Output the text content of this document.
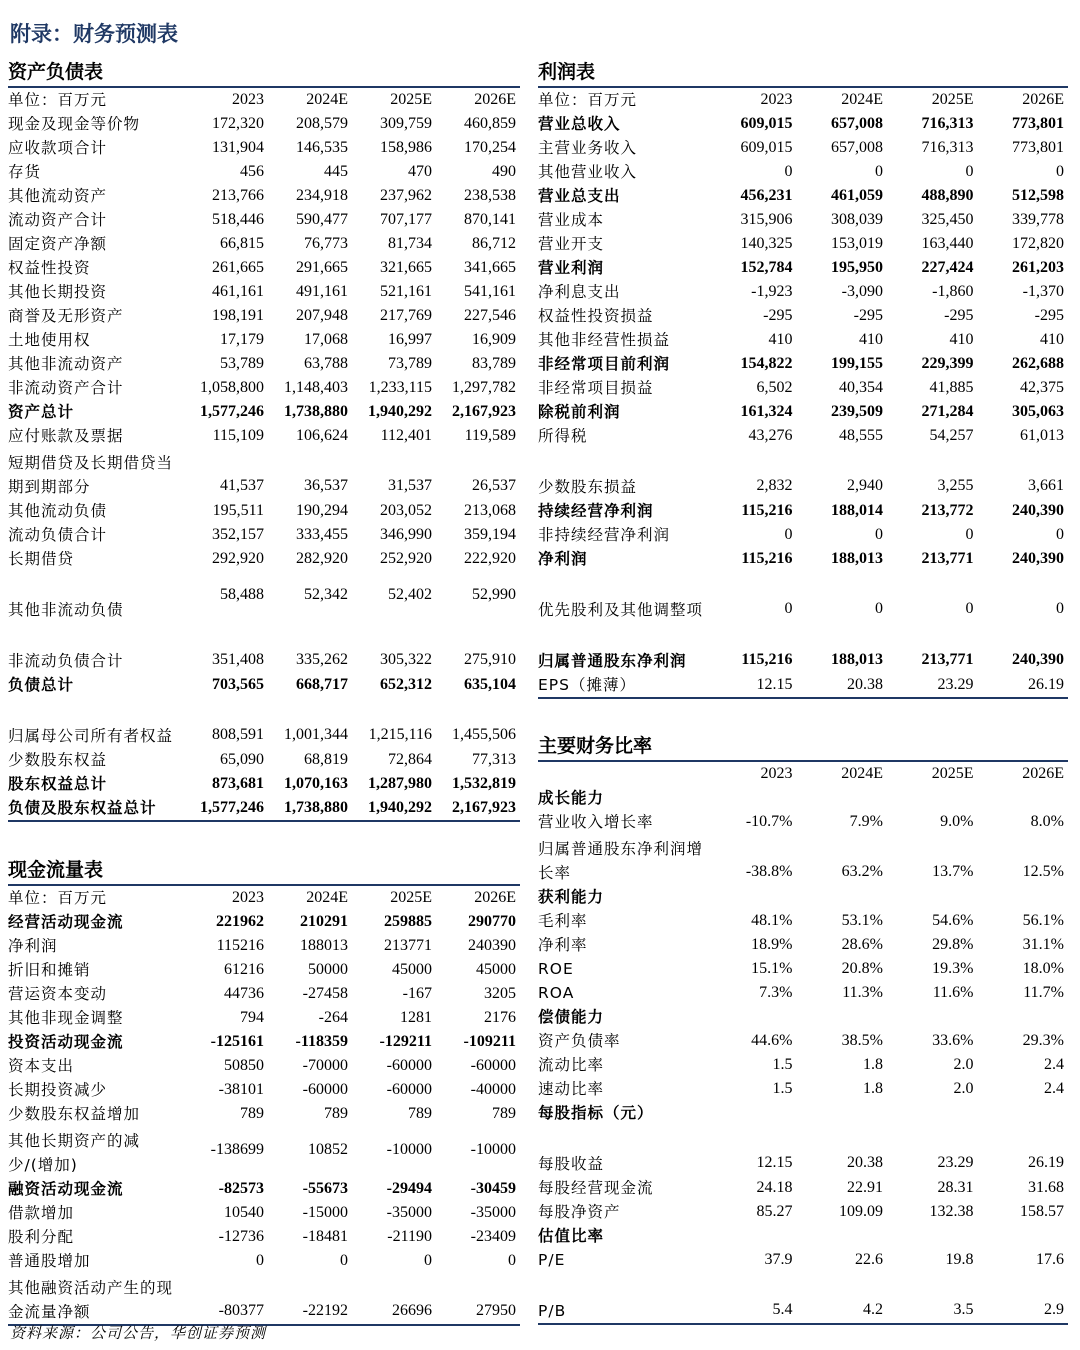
附录：财务预测表
资产负债表
单位：百万元	2023	2024E	2025E	2026E
现金及现金等价物	172,320	208,579	309,759	460,859
应收款项合计	131,904	146,535	158,986	170,254
存货	456	445	470	490
其他流动资产	213,766	234,918	237,962	238,538
流动资产合计	518,446	590,477	707,177	870,141
固定资产净额	66,815	76,773	81,734	86,712
权益性投资	261,665	291,665	321,665	341,665
其他长期投资	461,161	491,161	521,161	541,161
商誉及无形资产	198,191	207,948	217,769	227,546
土地使用权	17,179	17,068	16,997	16,909
其他非流动资产	53,789	63,788	73,789	83,789
非流动资产合计	1,058,800	1,148,403	1,233,115	1,297,782
资产总计	1,577,246	1,738,880	1,940,292	2,167,923
应付账款及票据	115,109	106,624	112,401	119,589
短期借贷及长期借贷当期到期部分	41,537	36,537	31,537	26,537
其他流动负债	195,511	190,294	203,052	213,068
流动负债合计	352,157	333,455	346,990	359,194
长期借贷	292,920	282,920	252,920	222,920
其他非流动负债	58,488	52,342	52,402	52,990
非流动负债合计	351,408	335,262	305,322	275,910
负债总计	703,565	668,717	652,312	635,104
归属母公司所有者权益	808,591	1,001,344	1,215,116	1,455,506
少数股东权益	65,090	68,819	72,864	77,313
股东权益总计	873,681	1,070,163	1,287,980	1,532,819
负债及股东权益总计	1,577,246	1,738,880	1,940,292	2,167,923
利润表
单位：百万元	2023	2024E	2025E	2026E
营业总收入	609,015	657,008	716,313	773,801
主营业务收入	609,015	657,008	716,313	773,801
其他营业收入	0	0	0	0
营业总支出	456,231	461,059	488,890	512,598
营业成本	315,906	308,039	325,450	339,778
营业开支	140,325	153,019	163,440	172,820
营业利润	152,784	195,950	227,424	261,203
净利息支出	-1,923	-3,090	-1,860	-1,370
权益性投资损益	-295	-295	-295	-295
其他非经营性损益	410	410	410	410
非经常项目前利润	154,822	199,155	229,399	262,688
非经常项目损益	6,502	40,354	41,885	42,375
除税前利润	161,324	239,509	271,284	305,063
所得税	43,276	48,555	54,257	61,013
少数股东损益	2,832	2,940	3,255	3,661
持续经营净利润	115,216	188,014	213,772	240,390
非持续经营净利润	0	0	0	0
净利润	115,216	188,013	213,771	240,390
优先股利及其他调整项	0	0	0	0
归属普通股东净利润	115,216	188,013	213,771	240,390
EPS（摊薄）	12.15	20.38	23.29	26.19
主要财务比率
	2023	2024E	2025E	2026E
成长能力				
营业收入增长率	-10.7%	7.9%	9.0%	8.0%
归属普通股东净利润增长率	-38.8%	63.2%	13.7%	12.5%
获利能力				
毛利率	48.1%	53.1%	54.6%	56.1%
净利率	18.9%	28.6%	29.8%	31.1%
ROE	15.1%	20.8%	19.3%	18.0%
ROA	7.3%	11.3%	11.6%	11.7%
偿债能力				
资产负债率	44.6%	38.5%	33.6%	29.3%
流动比率	1.5	1.8	2.0	2.4
速动比率	1.5	1.8	2.0	2.4
每股指标（元）				
每股收益	12.15	20.38	23.29	26.19
每股经营现金流	24.18	22.91	28.31	31.68
每股净资产	85.27	109.09	132.38	158.57
估值比率				
P/E	37.9	22.6	19.8	17.6
P/B	5.4	4.2	3.5	2.9
现金流量表
单位：百万元	2023	2024E	2025E	2026E
经营活动现金流	221962	210291	259885	290770
净利润	115216	188013	213771	240390
折旧和摊销	61216	50000	45000	45000
营运资本变动	44736	-27458	-167	3205
其他非现金调整	794	-264	1281	2176
投资活动现金流	-125161	-118359	-129211	-109211
资本支出	50850	-70000	-60000	-60000
长期投资减少	-38101	-60000	-60000	-40000
少数股东权益增加	789	789	789	789
其他长期资产的减少/(增加)	-138699	10852	-10000	-10000
融资活动现金流	-82573	-55673	-29494	-30459
借款增加	10540	-15000	-35000	-35000
股利分配	-12736	-18481	-21190	-23409
普通股增加	0	0	0	0
其他融资活动产生的现金流量净额	-80377	-22192	26696	27950
资料来源：公司公告，华创证券预测
